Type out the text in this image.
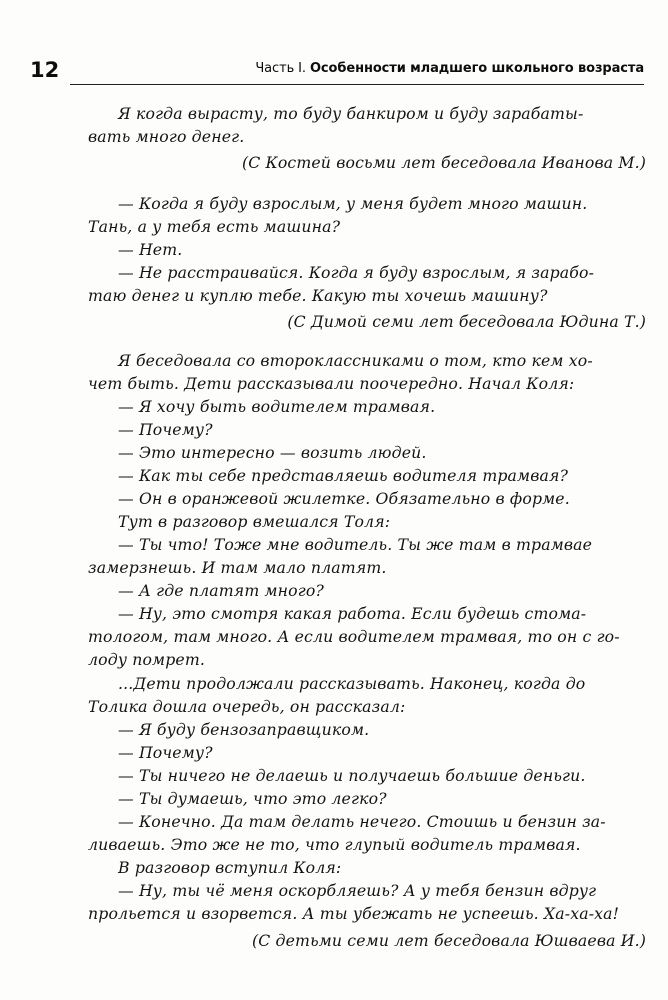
12	Часть I. Особенности младшего школьного возраста
Я когда вырасту, то буду банкиром и буду зарабаты-
вать много денег.
(С Костей восьми лет беседовала Иванова М.)
— Когда я буду взрослым, у меня будет много машин.
Тань, а у тебя есть машина?
— Нет.
— Не расстраивайся. Когда я буду взрослым, я зарабо-
таю денег и куплю тебе. Какую ты хочешь машину?
(С Димой семи лет беседовала Юдина Т.)
Я беседовала со второклассниками о том, кто кем хо-
чет быть. Дети рассказывали поочередно. Начал Коля:
— Я хочу быть водителем трамвая.
— Почему?
— Это интересно — возить людей.
— Как ты себе представляешь водителя трамвая?
— Он в оранжевой жилетке. Обязательно в форме.
Тут в разговор вмешался Толя:
— Ты что! Тоже мне водитель. Ты же там в трамвае
замерзнешь. И там мало платят.
— А где платят много?
— Ну, это смотря какая работа. Если будешь стома-
тологом, там много. А если водителем трамвая, то он с го-
лоду помрет.
...Дети продолжали рассказывать. Наконец, когда до
Толика дошла очередь, он рассказал:
— Я буду бензозаправщиком.
— Почему?
— Ты ничего не делаешь и получаешь большие деньги.
— Ты думаешь, что это легко?
— Конечно. Да там делать нечего. Стоишь и бензин за-
ливаешь. Это же не то, что глупый водитель трамвая.
В разговор вступил Коля:
— Ну, ты чё меня оскорбляешь? А у тебя бензин вдруг
прольется и взорвется. А ты убежать не успеешь. Ха-ха-ха!
(С детьми семи лет беседовала Юшваева И.)
